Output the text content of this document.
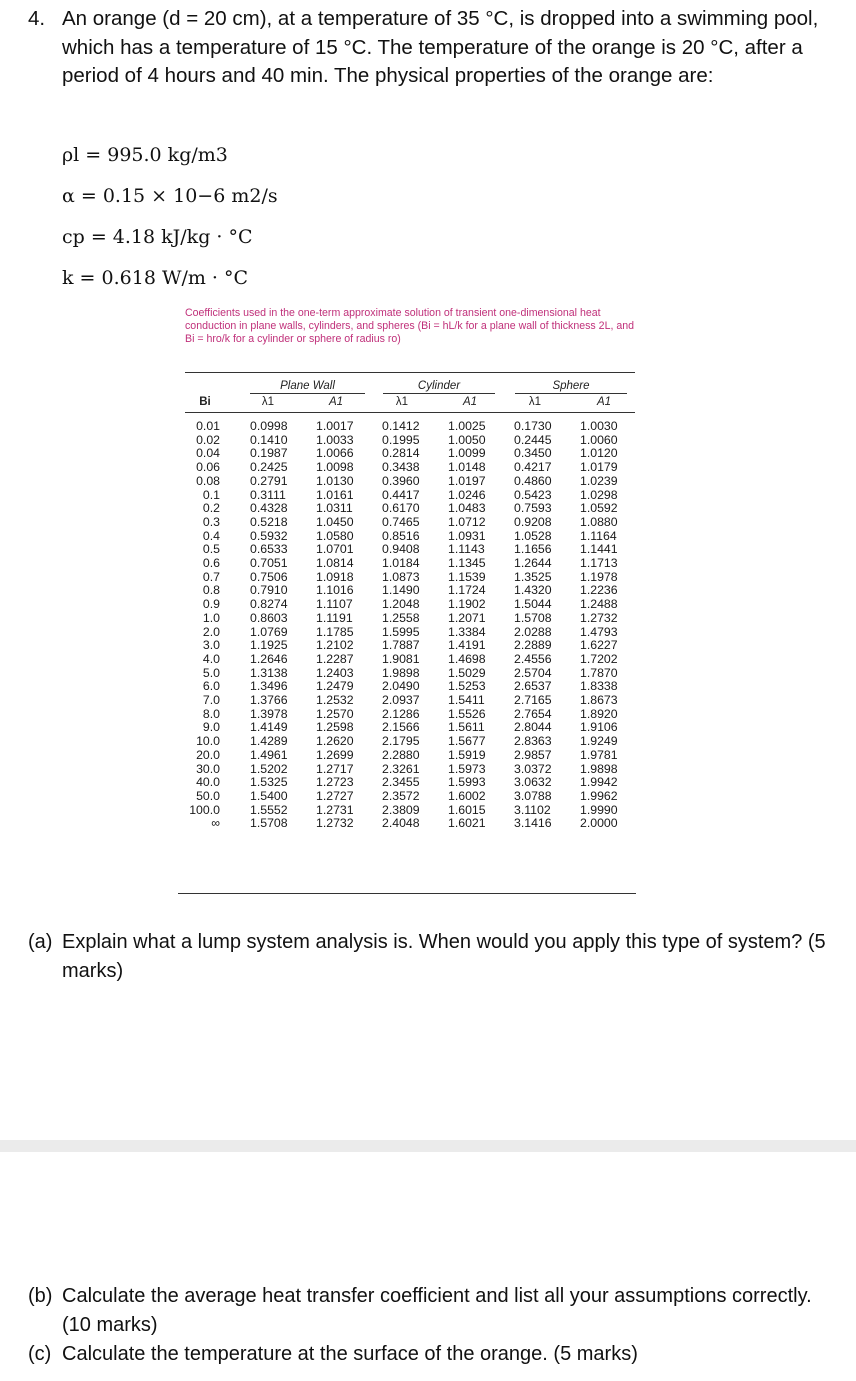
4. An orange (d = 20 cm), at a temperature of 35 °C, is dropped into a swimming pool, which has a temperature of 15 °C. The temperature of the orange is 20 °C, after a period of 4 hours and 40 min. The physical properties of the orange are:
ρl = 995.0 kg/m3
α = 0.15 × 10−6 m2/s
cp = 4.18 kJ/kg · °C
k = 0.618 W/m · °C
Coefficients used in the one-term approximate solution of transient one-dimensional heat conduction in plane walls, cylinders, and spheres (Bi = hL/k for a plane wall of thickness 2L, and Bi = hro/k for a cylinder or sphere of radius ro)
Plane Wall	Cylinder	Sphere
Bi	λ1	A1	λ1	A1	λ1	A1
0.01	0.0998	1.0017	0.1412	1.0025	0.1730	1.0030
0.02	0.1410	1.0033	0.1995	1.0050	0.2445	1.0060
0.04	0.1987	1.0066	0.2814	1.0099	0.3450	1.0120
0.06	0.2425	1.0098	0.3438	1.0148	0.4217	1.0179
0.08	0.2791	1.0130	0.3960	1.0197	0.4860	1.0239
0.1	0.3111	1.0161	0.4417	1.0246	0.5423	1.0298
0.2	0.4328	1.0311	0.6170	1.0483	0.7593	1.0592
0.3	0.5218	1.0450	0.7465	1.0712	0.9208	1.0880
0.4	0.5932	1.0580	0.8516	1.0931	1.0528	1.1164
0.5	0.6533	1.0701	0.9408	1.1143	1.1656	1.1441
0.6	0.7051	1.0814	1.0184	1.1345	1.2644	1.1713
0.7	0.7506	1.0918	1.0873	1.1539	1.3525	1.1978
0.8	0.7910	1.1016	1.1490	1.1724	1.4320	1.2236
0.9	0.8274	1.1107	1.2048	1.1902	1.5044	1.2488
1.0	0.8603	1.1191	1.2558	1.2071	1.5708	1.2732
2.0	1.0769	1.1785	1.5995	1.3384	2.0288	1.4793
3.0	1.1925	1.2102	1.7887	1.4191	2.2889	1.6227
4.0	1.2646	1.2287	1.9081	1.4698	2.4556	1.7202
5.0	1.3138	1.2403	1.9898	1.5029	2.5704	1.7870
6.0	1.3496	1.2479	2.0490	1.5253	2.6537	1.8338
7.0	1.3766	1.2532	2.0937	1.5411	2.7165	1.8673
8.0	1.3978	1.2570	2.1286	1.5526	2.7654	1.8920
9.0	1.4149	1.2598	2.1566	1.5611	2.8044	1.9106
10.0	1.4289	1.2620	2.1795	1.5677	2.8363	1.9249
20.0	1.4961	1.2699	2.2880	1.5919	2.9857	1.9781
30.0	1.5202	1.2717	2.3261	1.5973	3.0372	1.9898
40.0	1.5325	1.2723	2.3455	1.5993	3.0632	1.9942
50.0	1.5400	1.2727	2.3572	1.6002	3.0788	1.9962
100.0	1.5552	1.2731	2.3809	1.6015	3.1102	1.9990
∞	1.5708	1.2732	2.4048	1.6021	3.1416	2.0000
(a) Explain what a lump system analysis is. When would you apply this type of system? (5 marks)
(b) Calculate the average heat transfer coefficient and list all your assumptions correctly. (10 marks)
(c) Calculate the temperature at the surface of the orange. (5 marks)
